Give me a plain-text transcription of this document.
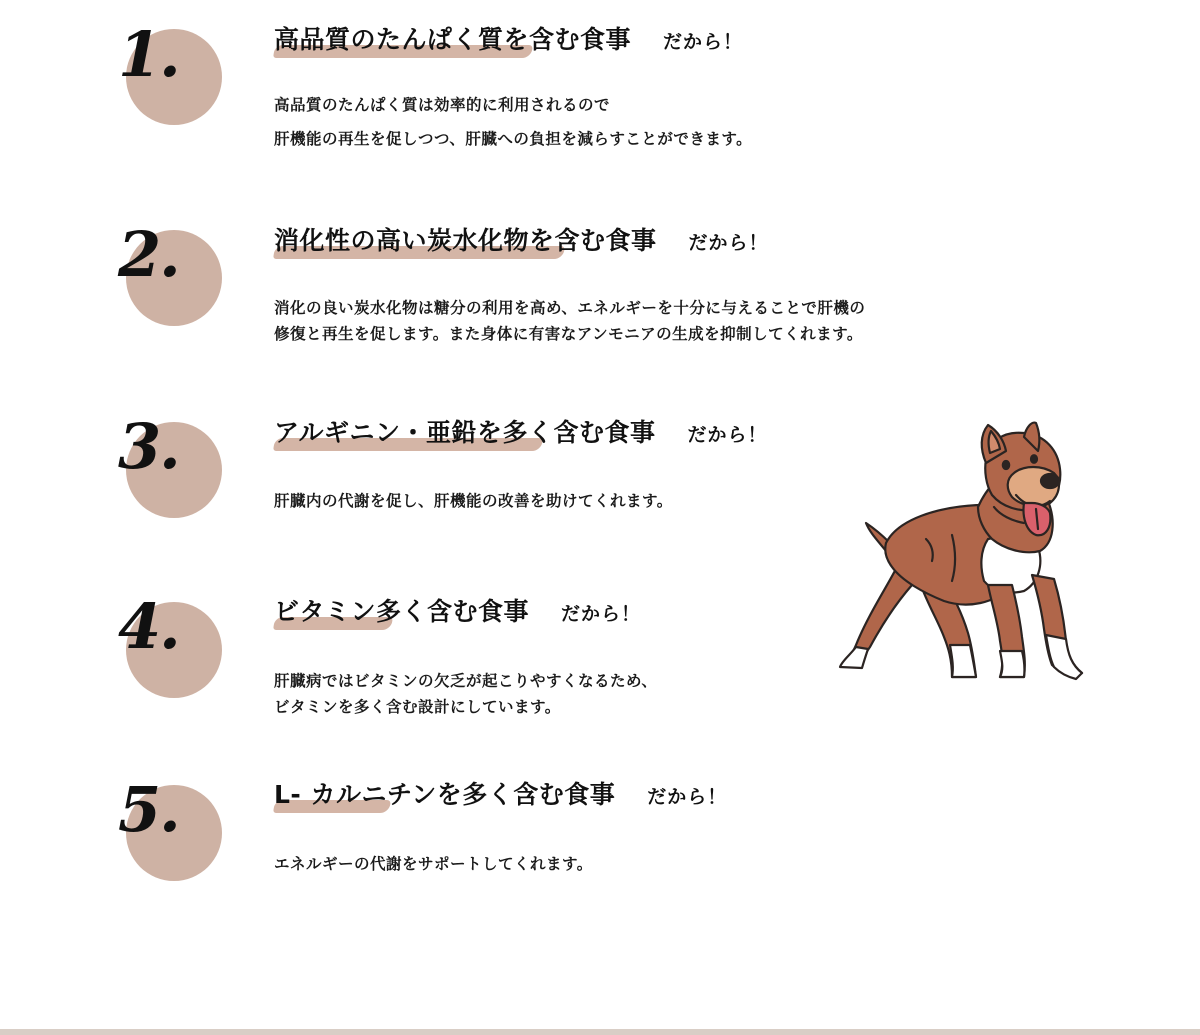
1.	高品質のたんぱく質を含む食事 だから！
高品質のたんぱく質は効率的に利用されるので
肝機能の再生を促しつつ、肝臓への負担を減らすことができます。
2.	消化性の高い炭水化物を含む食事 だから！
消化の良い炭水化物は糖分の利用を高め、エネルギーを十分に与えることで肝機の
修復と再生を促します。また身体に有害なアンモニアの生成を抑制してくれます。
3.	アルギニン・亜鉛を多く含む食事 だから！
肝臓内の代謝を促し、肝機能の改善を助けてくれます。
4.	ビタミン多く含む食事 だから！
肝臓病ではビタミンの欠乏が起こりやすくなるため、
ビタミンを多く含む設計にしています。
5.	L- カルニチンを多く含む食事 だから！
エネルギーの代謝をサポートしてくれます。
